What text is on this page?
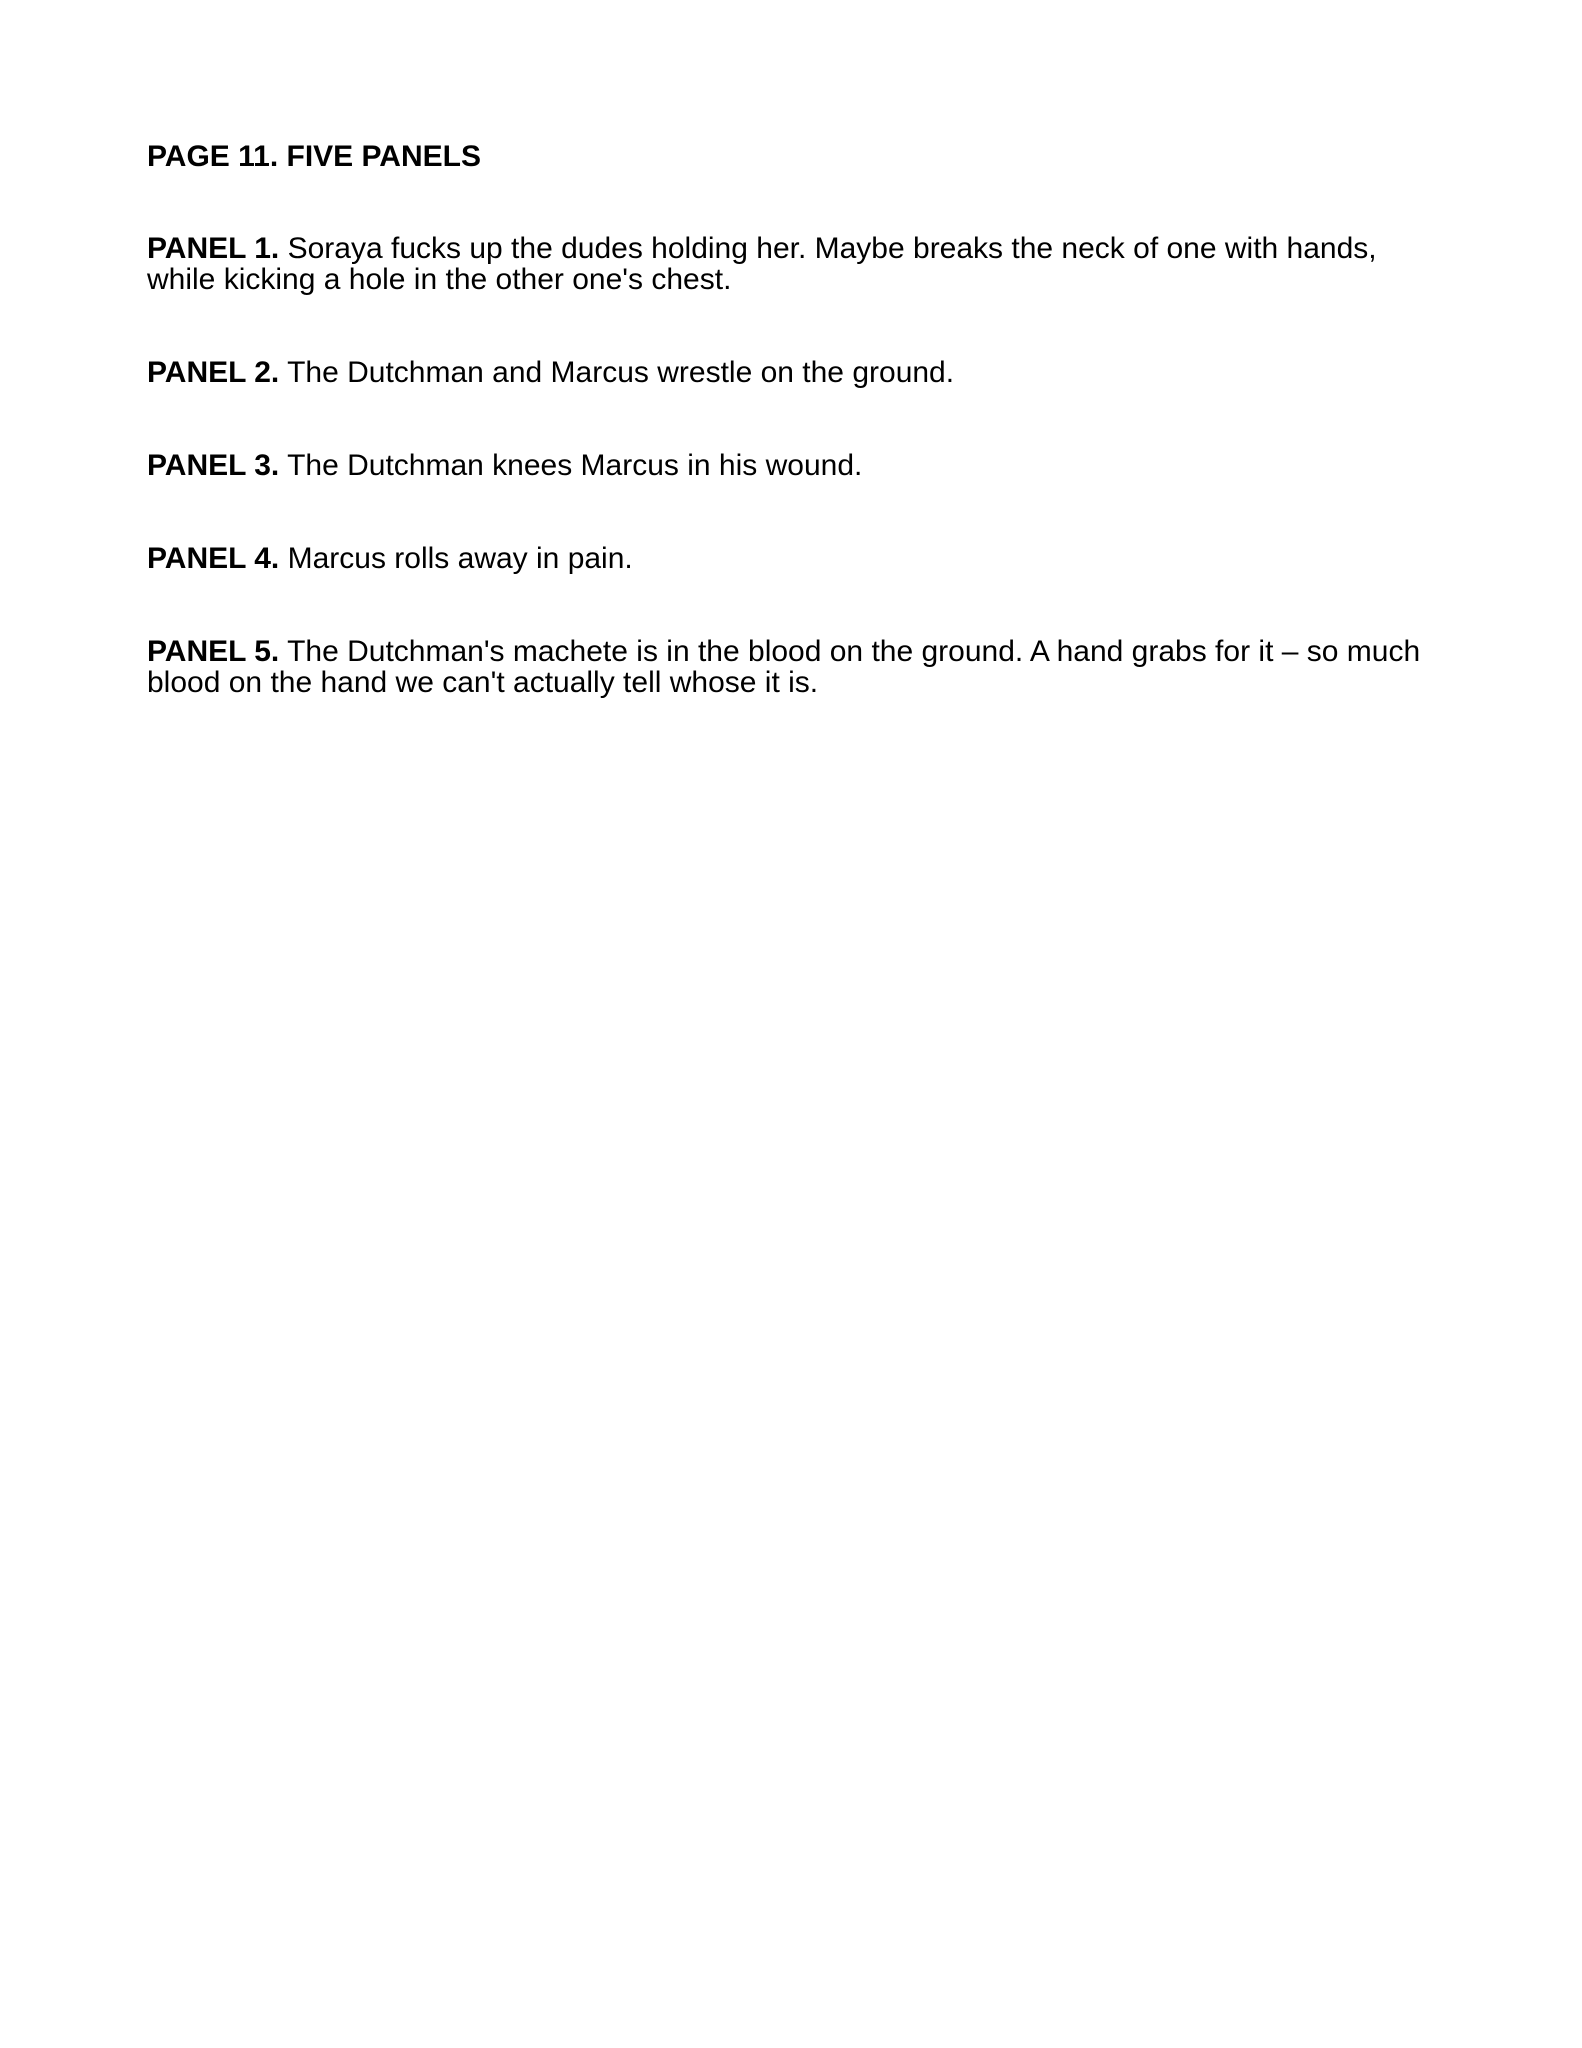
PAGE 11. FIVE PANELS
PANEL 1. Soraya fucks up the dudes holding her. Maybe breaks the neck of one with hands, while kicking a hole in the other one's chest.
PANEL 2. The Dutchman and Marcus wrestle on the ground.
PANEL 3. The Dutchman knees Marcus in his wound.
PANEL 4. Marcus rolls away in pain.
PANEL 5. The Dutchman's machete is in the blood on the ground. A hand grabs for it – so much blood on the hand we can't actually tell whose it is.
